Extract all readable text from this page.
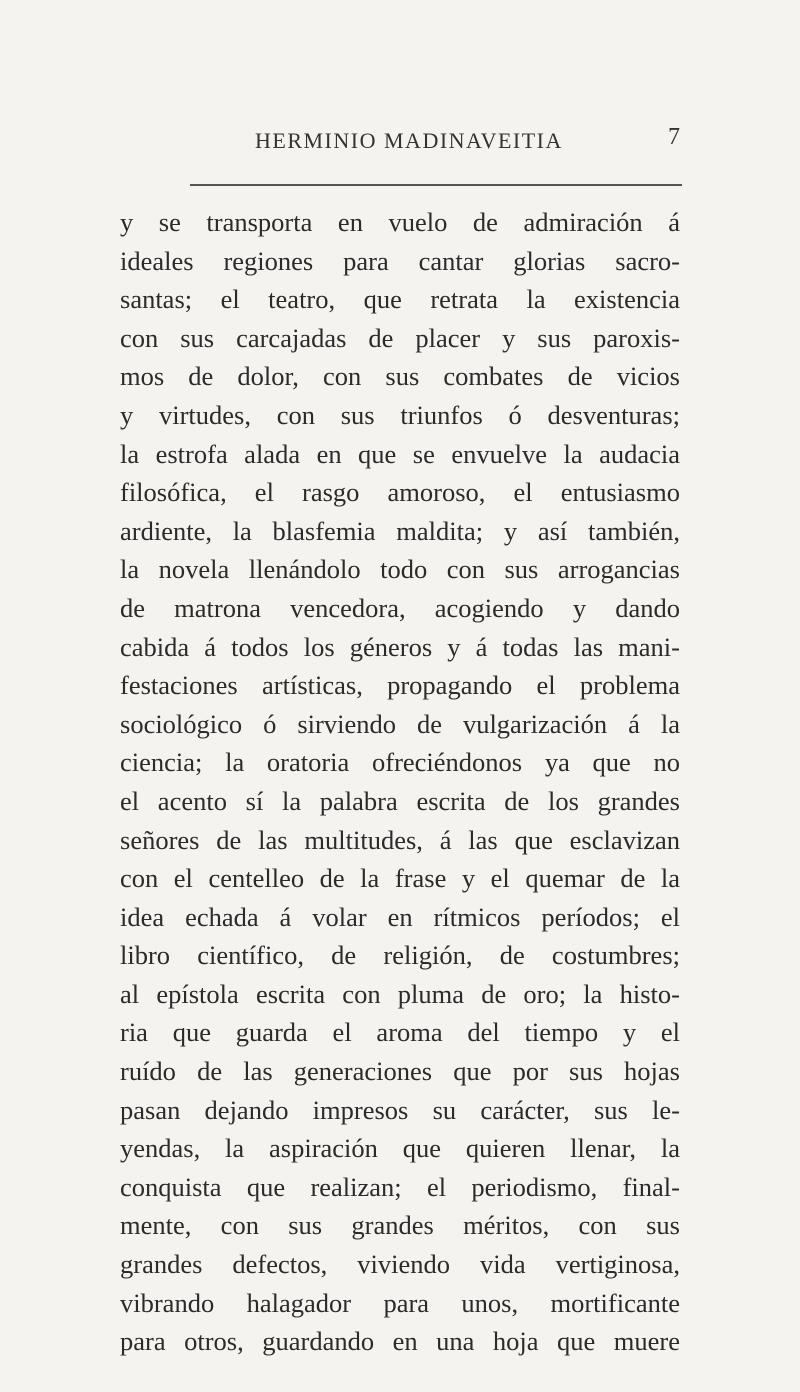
HERMINIO MADINAVEITIA	7
y se transporta en vuelo de admiración á
ideales regiones para cantar glorias sacro-
santas; el teatro, que retrata la existencia
con sus carcajadas de placer y sus paroxis-
mos de dolor, con sus combates de vicios
y virtudes, con sus triunfos ó desventuras;
la estrofa alada en que se envuelve la audacia
filosófica, el rasgo amoroso, el entusiasmo
ardiente, la blasfemia maldita; y así también,
la novela llenándolo todo con sus arrogancias
de matrona vencedora, acogiendo y dando
cabida á todos los géneros y á todas las mani-
festaciones artísticas, propagando el problema
sociológico ó sirviendo de vulgarización á la
ciencia; la oratoria ofreciéndonos ya que no
el acento sí la palabra escrita de los grandes
señores de las multitudes, á las que esclavizan
con el centelleo de la frase y el quemar de la
idea echada á volar en rítmicos períodos; el
libro científico, de religión, de costumbres;
al epístola escrita con pluma de oro; la histo-
ria que guarda el aroma del tiempo y el
ruído de las generaciones que por sus hojas
pasan dejando impresos su carácter, sus le-
yendas, la aspiración que quieren llenar, la
conquista que realizan; el periodismo, final-
mente, con sus grandes méritos, con sus
grandes defectos, viviendo vida vertiginosa,
vibrando halagador para unos, mortificante
para otros, guardando en una hoja que muere
